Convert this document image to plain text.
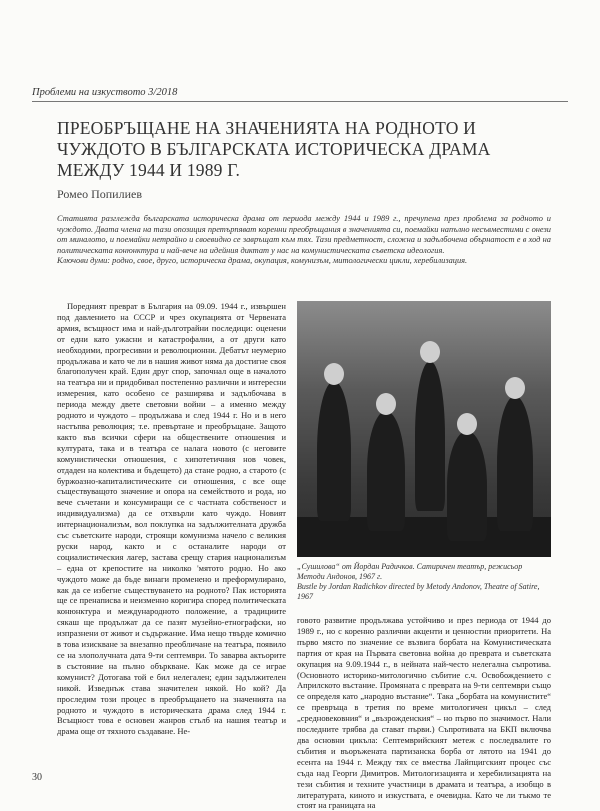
Проблеми на изкуството 3/2018
ПРЕОБРЪЩАНЕ НА ЗНАЧЕНИЯТА НА РОДНОТО И ЧУЖДОТО В БЪЛГАРСКАТА ИСТОРИЧЕСКА ДРАМА МЕЖДУ 1944 И 1989 Г.
Ромео Попилиев

Статията разглежда българската историческа драма от периода между 1944 и 1989 г., пречупена през проблема за родното и чуждото. Двата члена на тази опозиция претърпяват коренни преобръщания в значенията си, поемайки напълно несъвместими с онези от миналото, и поемайки нетрайно и своевидно се завръщат към тях. Тази предметност, сложна и задълбочена обърнатост е в ход на политическата конюнктура и най-вече на идейния диктат у нас на комунистическата съветска идеология.

Ключови думи: родно, свое, друго, историческа драма, окупация, комунизъм, митологически цикли, херебилизация.

Поредният преврат в България на 09.09. 1944 г., извършен под давлението на СССР и чрез окупацията от Червената армия, всъщност има и най-дълготрайни последици: оценени от едни като ужасни и катастрофални, а от други като необходими, прогресивни и революционни. Дебатът неумерно продължава и като че ли в нашия живот няма да достигне своя благополучен край. Един друг спор, започнал още в началото на театъра ни и придобивал постепенно различни и интересни измерения, като особено се разширява и задълбочава в периода между двете световни войни – а именно между родното и чуждото – продължава и след 1944 г. Но и в него настъпва революция; т.е. превъртане и преобръщане. Защото както във всички сфери на обществените отношения и културата, така и в театъра се налага новото (с неговите комунистически отношения, с хипотетичния нов човек, отдаден на колектива и бъдещето) да стане родно, а старото (с буржоазно-капиталистическите си отношения, с все още съществуващото значение и опора на семейството и рода, но вече съчетани и консумиращи се с частната собственост и индивидуализма) да се отхвърли като чуждо. Новият интернационализъм, вол поклупка на задължителната дружба със съветските народи, строящи комунизма начело с великия руски народ, както и с останалите народи от социалистическия лагер, застава срещу стария национализъм – една от крепостите на николко 'мятото родно. Но ако чуждото може да бъде винаги променено и преформулирано, как да се избегне съществуването на родното? Пак историята ще се пренаписва и неизменно коригира според политическата конюнктура и международното положение, а традициите сякаш ще продължат да се пазят музейно-етнографски, но изпразнени от живот и съдържание. Има нещо твърде комично в това изискване за внезапно преобличане на театъра, появило се на злополучната дата 9-ти септември. То заварва актьорите в състояние на пълно объркване. Как може да се играе комунист? Дотогава той е бил нелегален; един задължителен никой. Изведнъж става значителен някой. Но кой? Да проследим този процес в преобръщането на значенията на родното и чуждото в историческата драма след 1944 г. Всъщност това е основен жанров стълб на нашия театър и драма още от тяхното създаване. Не-

„Сушилова“ от Йордан Радичков. Сатиричен театър, режисьор Методи Андонов, 1967 г.

Bustle by Jordan Radichkov directed by Metody Andonov, Theatre of Satire, 1967

говото развитие продължава устойчиво и през периода от 1944 до 1989 г., но с коренно различни акценти и ценностни приоритети. На първо място по значение се възвига борбата на Комунистическата партия от края на Първата световна война до преврата и съветската окупация на 9.09.1944 г., в нейната най-често нелегална съпротива. (Основното историко-митологично събитие с.ч. Освобождението с Априлското въстание. Промяната с преврата на 9-ти септември също се определя като „народно въстание“. Така „борбата на комунистите“ се превръща в третия по време митологичен цикъл – след „средновековния“ и „възрожденския“ – но първо по значимост. Нали последните трябва да стават първи.) Съпротивата на БКП включва два основни цикъла: Септемврийският метеж с последвалите го събития и въоръжената партизанска борба от лятото на 1941 до есента на 1944 г. Между тях се вмества Лайпцигският процес със съда над Георги Димитров. Митологизацията и херебилизацията на тези събития и техните участници в драмата и театъра, а изобщо в литературата, киното и изкуствата, е очевидна. Като че ли тъкмо те стоят на границата на

30
